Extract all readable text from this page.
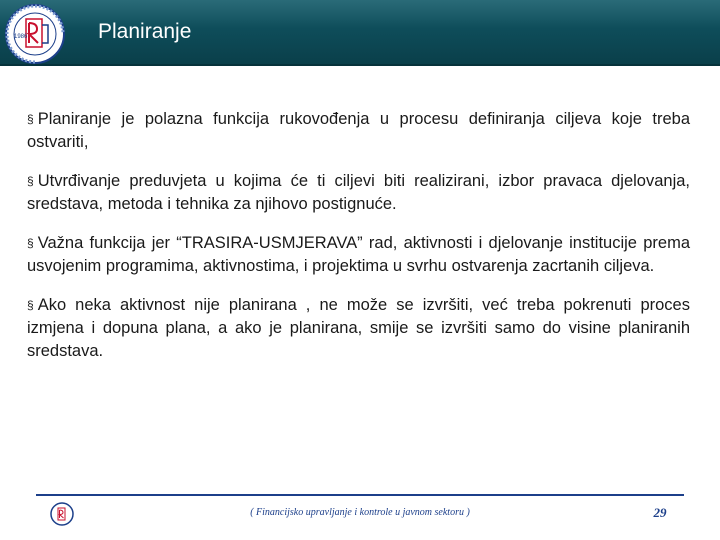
1986	Planiranje

§ Planiranje je polazna funkcija rukovođenja u procesu definiranja ciljeva koje treba ostvariti,

§ Utvrđivanje preduvjeta u kojima će ti ciljevi biti realizirani, izbor pravaca djelovanja, sredstava, metoda i tehnika za njihovo postignuće.

§ Važna funkcija jer “TRASIRA-USMJERAVA” rad, aktivnosti i djelovanje institucije prema usvojenim programima, aktivnostima, i projektima u svrhu ostvarenja zacrtanih ciljeva.

§ Ako neka aktivnost nije planirana , ne može se izvršiti, već treba pokrenuti proces izmjena i dopuna plana, a ako je planirana, smije se izvršiti samo do visine planiranih sredstava.

( Financijsko upravljanje i kontrole u javnom sektoru )	29
